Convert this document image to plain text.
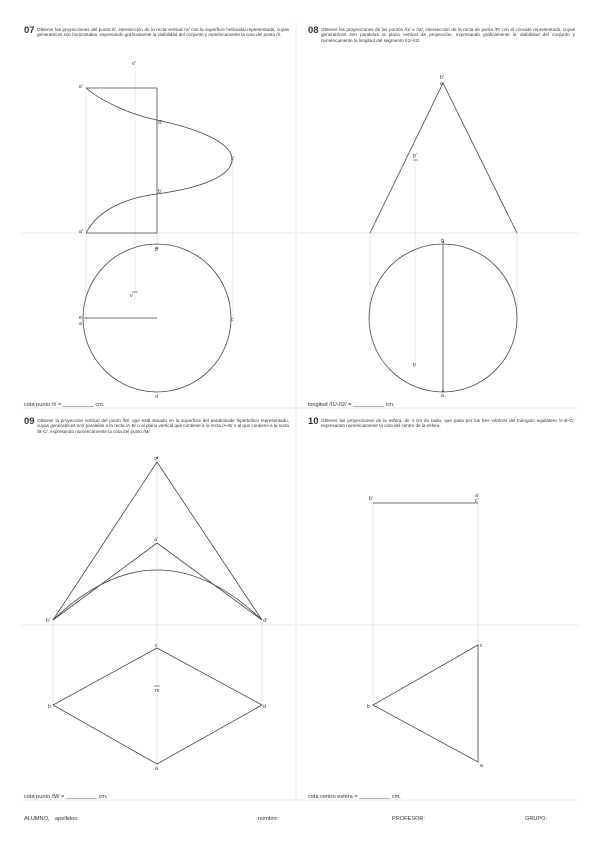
07 Obtener las proyecciones del punto /I/, intersección de la recta vertical /V/ con la superficie helicoidal representada, cuyas generatrices son horizontales, expresando gráficamente la visibilidad del conjunto y numéricamente la cota del punto /I/.	08 Obtener las proyecciones de los puntos /I1/ e /I2/, intersección de la recta de punta /P/ con el conoide representado, cuyas generatrices son paralelas al plano vertical de proyección, expresando gráficamente la visibilidad del conjunto y numéricamente la longitud del segmento /I1/-/I2/.
09 Obtener la proyección vertical del punto /M/, que está situado en la superficie del paraboloide hiperbólico representado, cuyas generatrices son paralelas a la recta /A-B/ o al plano vertical que contiene a la recta /A-B/ o al que contiene a la recta /B-C/, expresando numéricamente la cota del punto /M/.
10 Obtener las proyecciones de la esfera, de 4 cm de radio, que pasa por los tres vértices del triángulo equilátero /A-B-C/, expresando numéricamente la cota del centro de la esfera.
v'
e'
d'
c'
b'
a'
b
v
e
a
c
d
b'
a'
p'
b
p
a
c'
a'
b'	d'
c
m
b	d
a
b'	a'
c'
c
b
a
cota punto /I/ = __________ cm.	longitud /I1/-/I2/ = __________ cm.
cota punto /M/ = __________ cm.	cota centro esfera = __________ cm.
ALUMNO, apellidos:	nombre:	PROFESOR:	GRUPO:
